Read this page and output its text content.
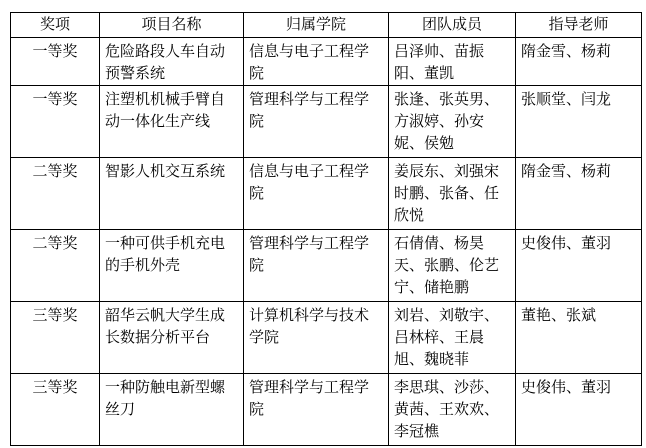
奖项	项目名称	归属学院	团队成员	指导老师
一等奖	危险路段人车自动预警系统	信息与电子工程学院	吕泽帅、苗振阳、董凯	隋金雪、杨莉
一等奖	注塑机机械手臂自动一体化生产线	管理科学与工程学院	张逢、张英男、方淑婷、孙安妮、侯勉	张顺堂、闫龙
二等奖	智影人机交互系统	信息与电子工程学院	姜辰东、刘强宋时鹏、张备、任欣悦	隋金雪、杨莉
二等奖	一种可供手机充电的手机外壳	管理科学与工程学院	石倩倩、杨昊天、张鹏、伦艺宁、储艳鹏	史俊伟、董羽
三等奖	韶华云帆大学生成长数据分析平台	计算机科学与技术学院	刘岩、刘敬宇、吕林梓、王晨旭、魏晓菲	董艳、张斌
三等奖	一种防触电新型螺丝刀	管理科学与工程学院	李思琪、沙莎、黄茜、王欢欢、李冠樵	史俊伟、董羽
